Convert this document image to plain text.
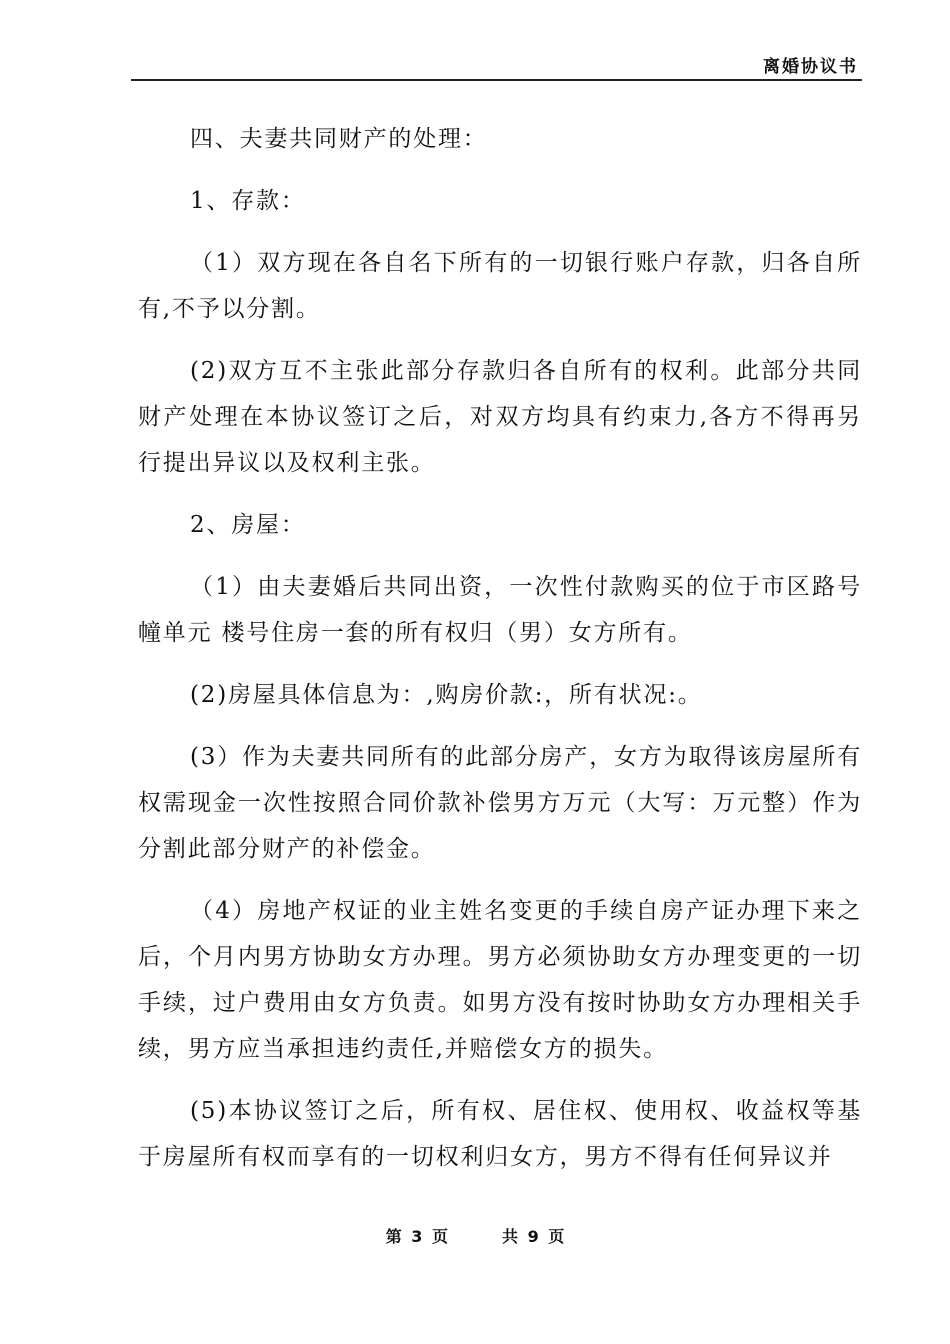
离婚协议书

四、夫妻共同财产的处理：

1、存款：

（1）双方现在各自名下所有的一切银行账户存款，归各自所有,不予以分割。

(2)双方互不主张此部分存款归各自所有的权利。此部分共同财产处理在本协议签订之后，对双方均具有约束力,各方不得再另行提出异议以及权利主张。

2、房屋：

（1）由夫妻婚后共同出资，一次性付款购买的位于市区路号幢单元 楼号住房一套的所有权归（男）女方所有。

(2)房屋具体信息为：,购房价款:，所有状况:。

(3）作为夫妻共同所有的此部分房产，女方为取得该房屋所有权需现金一次性按照合同价款补偿男方万元（大写：万元整）作为分割此部分财产的补偿金。

（4）房地产权证的业主姓名变更的手续自房产证办理下来之后，个月内男方协助女方办理。男方必须协助女方办理变更的一切手续，过户费用由女方负责。如男方没有按时协助女方办理相关手续，男方应当承担违约责任,并赔偿女方的损失。

(5)本协议签订之后，所有权、居住权、使用权、收益权等基于房屋所有权而享有的一切权利归女方，男方不得有任何异议并

第 3 页	共 9 页
